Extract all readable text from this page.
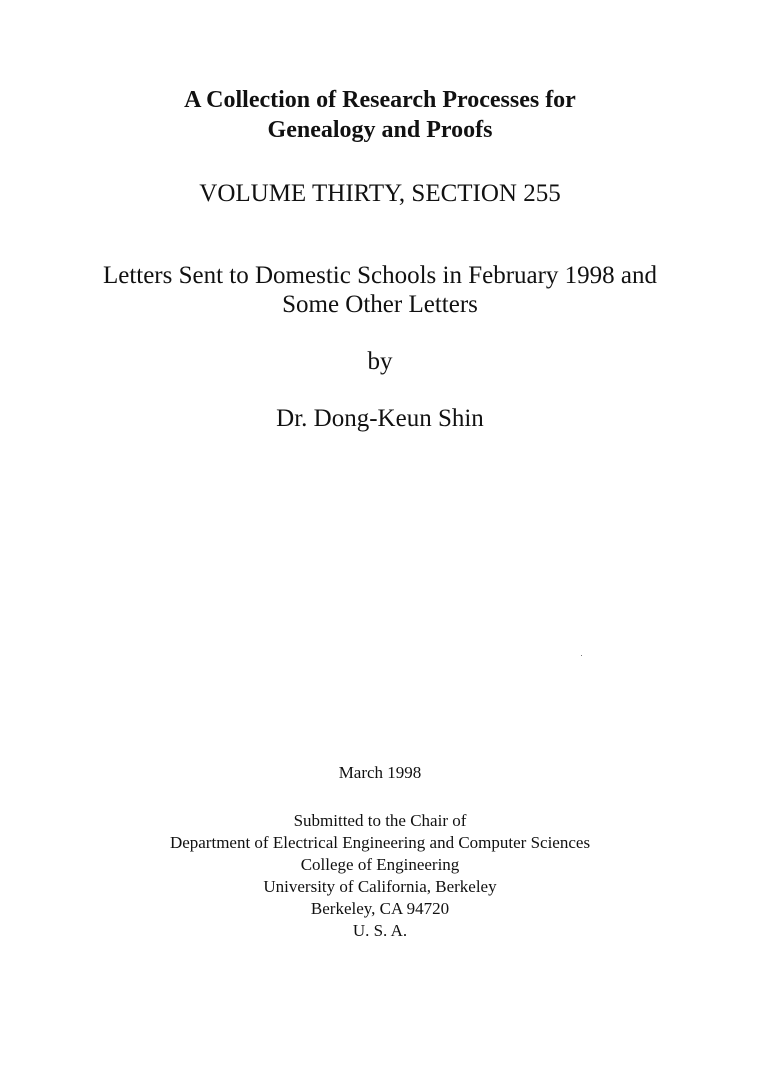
A Collection of Research Processes for
Genealogy and Proofs

VOLUME THIRTY, SECTION 255

Letters Sent to Domestic Schools in February 1998 and

Some Other Letters

by

Dr. Dong-Keun Shin

March 1998

Submitted to the Chair of

Department of Electrical Engineering and Computer Sciences

College of Engineering

University of California, Berkeley

Berkeley, CA 94720

U. S. A.
